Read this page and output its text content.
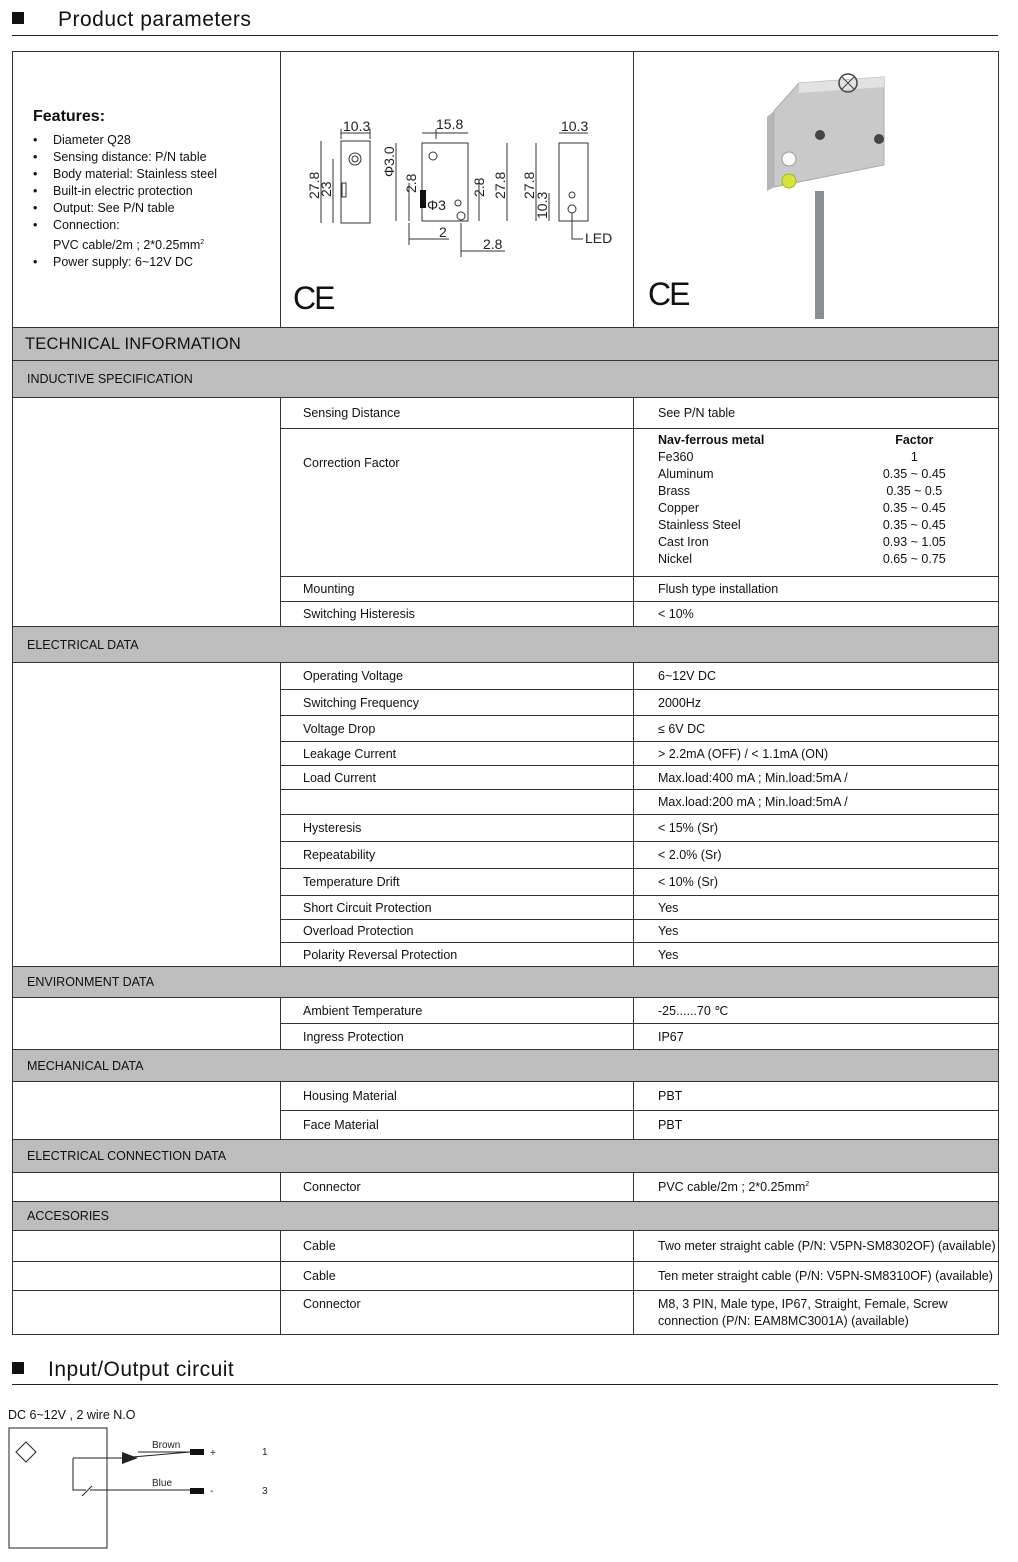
Product parameters
Features:
• Diameter Q28
• Sensing distance: P/N table
• Body material: Stainless steel
• Built-in electric protection
• Output: See P/N table
• Connection:
PVC cable/2m ; $2*0.25mm^2$
• Power supply: 6~12V DC

10.3	15.8	10.3
27.8
23
Φ3.0
2.8	2.8 27.8
Φ3
27.8
10.3
2
2.8	LED
CE	CE

TECHNICAL INFORMATION
INDUCTIVE SPECIFICATION
	Sensing Distance	See P/N table
Correction Factor	
Nav-ferrous metal	Factor
Fe360	1
Aluminum	0.35 ~ 0.45
Brass	0.35 ~ 0.5
Copper	0.35 ~ 0.45
Stainless Steel	0.35 ~ 0.45
Cast Iron	0.93 ~ 1.05
Nickel	0.65 ~ 0.75

Mounting	Flush type installation
Switching Histeresis	< 10%
ELECTRICAL DATA
	Operating Voltage	6~12V DC
Switching Frequency	2000Hz
Voltage Drop	≤ 6V DC
Leakage Current	> 2.2mA (OFF) / < 1.1mA (ON)
Load Current	Max.load:400 mA ; Min.load:5mA /
	Max.load:200 mA ; Min.load:5mA /
Hysteresis	< 15% (Sr)
Repeatability	< 2.0% (Sr)
Temperature Drift	< 10% (Sr)
Short Circuit Protection	Yes
Overload Protection	Yes
Polarity Reversal Protection	Yes
ENVIRONMENT DATA
	Ambient Temperature	-25......70 ℃
Ingress Protection	IP67
MECHANICAL DATA
	Housing Material	PBT
Face Material	PBT
ELECTRICAL CONNECTION DATA
	Connector	PVC cable/2m ; $2*0.25mm^2$
ACCESORIES
	Cable	Two meter straight cable (P/N: V5PN-SM8302OF) (available)
	Cable	Ten meter straight cable (P/N: V5PN-SM8310OF) (available)
	Connector	M8, 3 PIN, Male type, IP67, Straight, Female, Screw connection (P/N: EAM8MC3001A) (available)
Input/Output circuit
DC 6~12V , 2 wire N.O
Brown
Blue
+
-
1
3
